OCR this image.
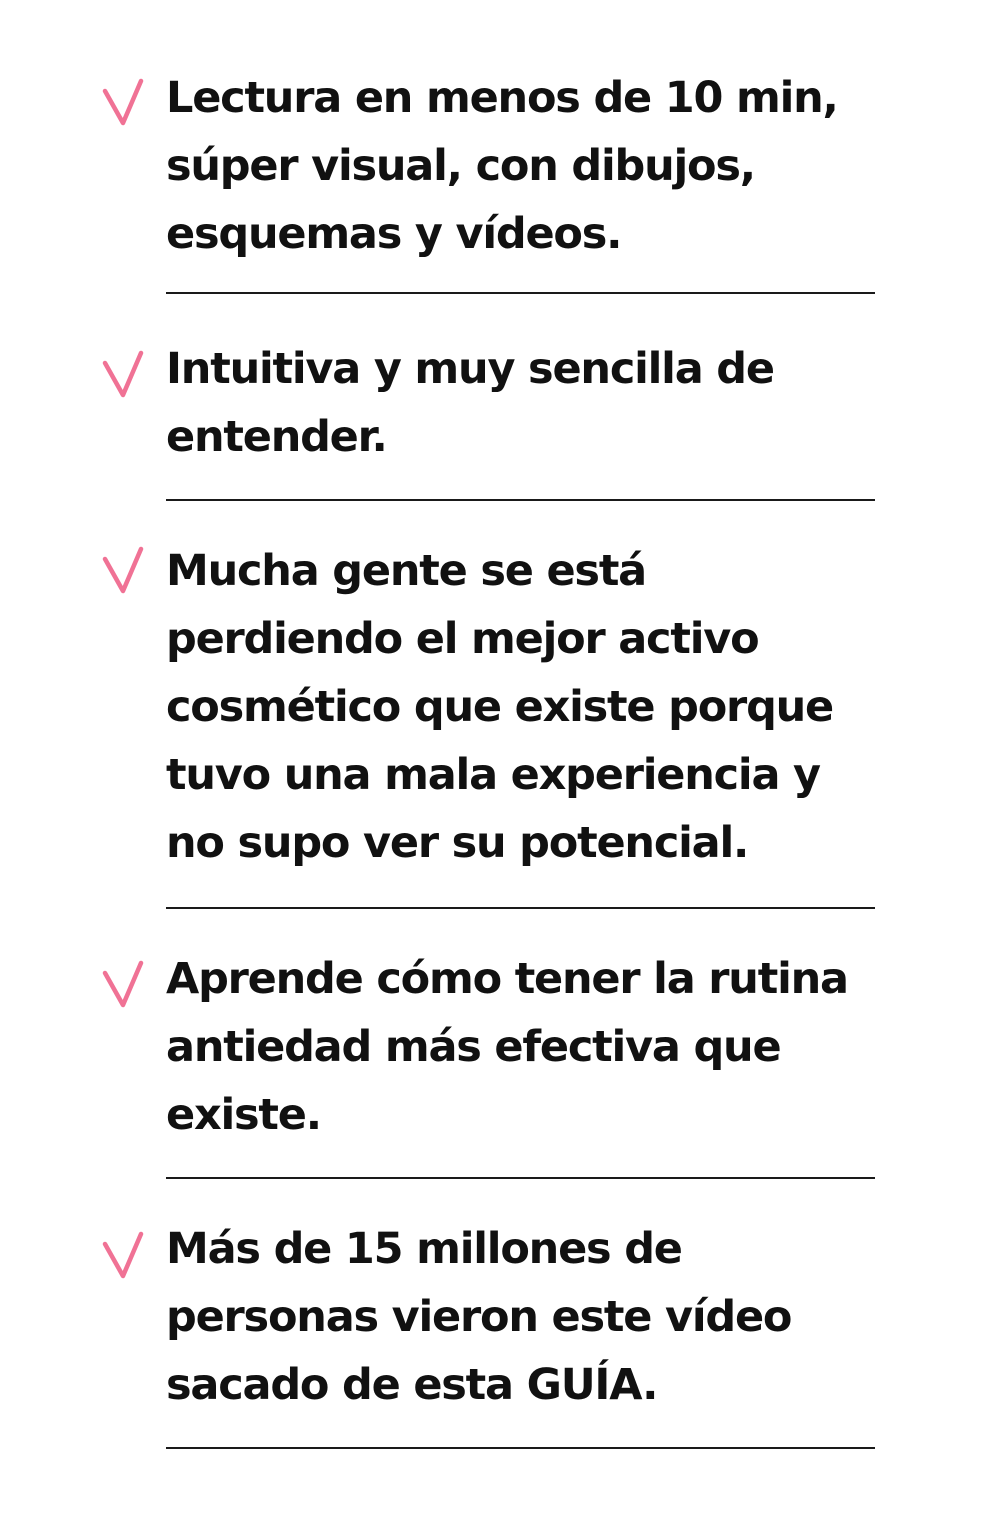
Lectura en menos de 10 min,
súper visual, con dibujos,
esquemas y vídeos.

Intuitiva y muy sencilla de
entender.

Mucha gente se está
perdiendo el mejor activo
cosmético que existe porque
tuvo una mala experiencia y
no supo ver su potencial.

Aprende cómo tener la rutina
antiedad más efectiva que
existe.

Más de 15 millones de
personas vieron este vídeo
sacado de esta GUÍA.
